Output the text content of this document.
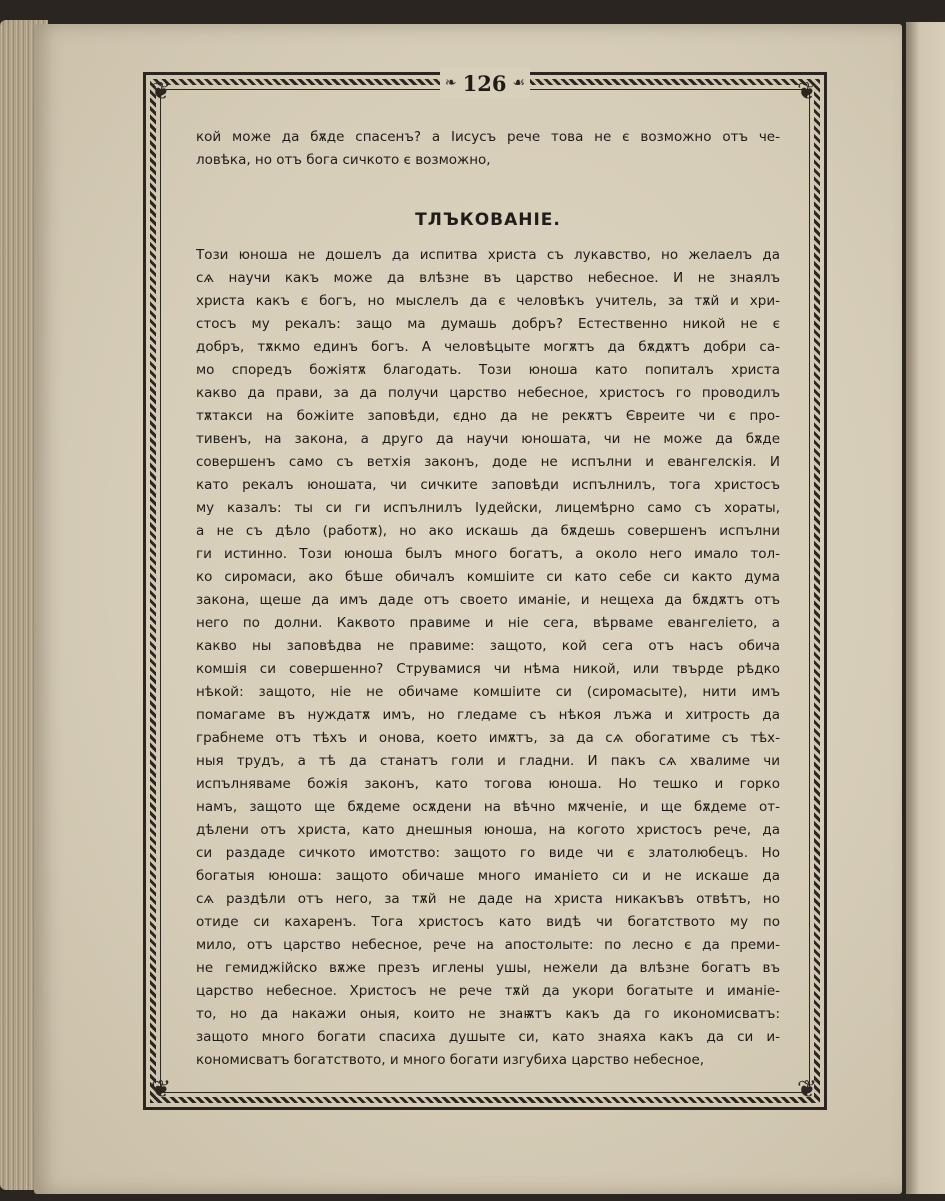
❦	❦
❦	❦
❧ 126 ☙
кой може да бѫде спасенъ? а Іисусъ рече това не є возможно отъ че-
ловѣка, но отъ бога сичкото є возможно,
ТЛЪКОВАНІЕ.
Този юноша не дошелъ да испитва христа съ лукавство, но желаелъ да
сѧ научи какъ може да влѣзне въ царство небесное. И не знаялъ
христа какъ є богъ, но мыслелъ да є человѣкъ учитель, за тѫй и хри-
стосъ му рекалъ: защо ма думашь добръ? Естественно никой не є
добръ, тѫкмо единъ богъ. А человѣцыте могѫтъ да бѫдѫтъ добри са-
мо споредъ божіятѫ благодать. Този юноша като попиталъ христа
какво да прави, за да получи царство небесное, христосъ го проводилъ
тѫтакси на божіите заповѣди, єдно да не рекѫтъ Євреите чи є про-
тивенъ, на закона, а друго да научи юношата, чи не може да бѫде
совершенъ само съ ветхія законъ, доде не испълни и евангелскія. И
като рекалъ юношата, чи сичките заповѣди испълнилъ, тога христосъ
му казалъ: ты си ги испълнилъ Іудейски, лицемѣрно само съ хораты,
а не съ дѣло (работѫ), но ако искашь да бѫдешь совершенъ испълни
ги истинно. Този юноша былъ много богатъ, а около него имало тол-
ко сиромаси, ако бѣше обичалъ комшіите си като себе си както дума
закона, щеше да имъ даде отъ своето иманіе, и нещеха да бѫдѫтъ отъ
него по долни. Каквото правиме и ніе сега, вѣрваме евангеліето, а
какво ны заповѣдва не правиме: защото, кой сега отъ насъ обича
комшія си совершенно? Струвамися чи нѣма никой, или твърде рѣдко
нѣкой: защото, ніе не обичаме комшіите си (сиромасыте), нити имъ
помагаме въ нуждатѫ имъ, но гледаме съ нѣкоя лъжа и хитрость да
грабнеме отъ тѣхъ и онова, което имѫтъ, за да сѧ обогатиме съ тѣх-
ныя трудъ, а тѣ да станатъ голи и гладни. И пакъ сѧ хвалиме чи
испълняваме божія законъ, като тогова юноша. Но тешко и горко
намъ, защото ще бѫдеме осѫдени на вѣчно мѫченіе, и ще бѫдеме от-
дѣлени отъ христа, като днешныя юноша, на когото христосъ рече, да
си раздаде сичкото имотство: защото го виде чи є златолюбецъ. Но
богатыя юноша: защото обичаше много иманіето си и не искаше да
сѧ раздѣли отъ него, за тѫй не даде на христа никакъвъ отвѣтъ, но
отиде си кахаренъ. Тога христосъ като видѣ чи богатството му по
мило, отъ царство небесное, рече на апостолыте: по лесно є да преми-
не гемиджійско вѫже презъ иглены ушы, нежели да влѣзне богатъ въ
царство небесное. Христосъ не рече тѫй да укори богатыте и иманіе-
то, но да накажи оныя, които не знаѭтъ какъ да го икономисватъ:
защото много богати спасиха душыте си, като знаяха какъ да си и-
кономисватъ богатството, и много богати изгубиха царство небесное,
